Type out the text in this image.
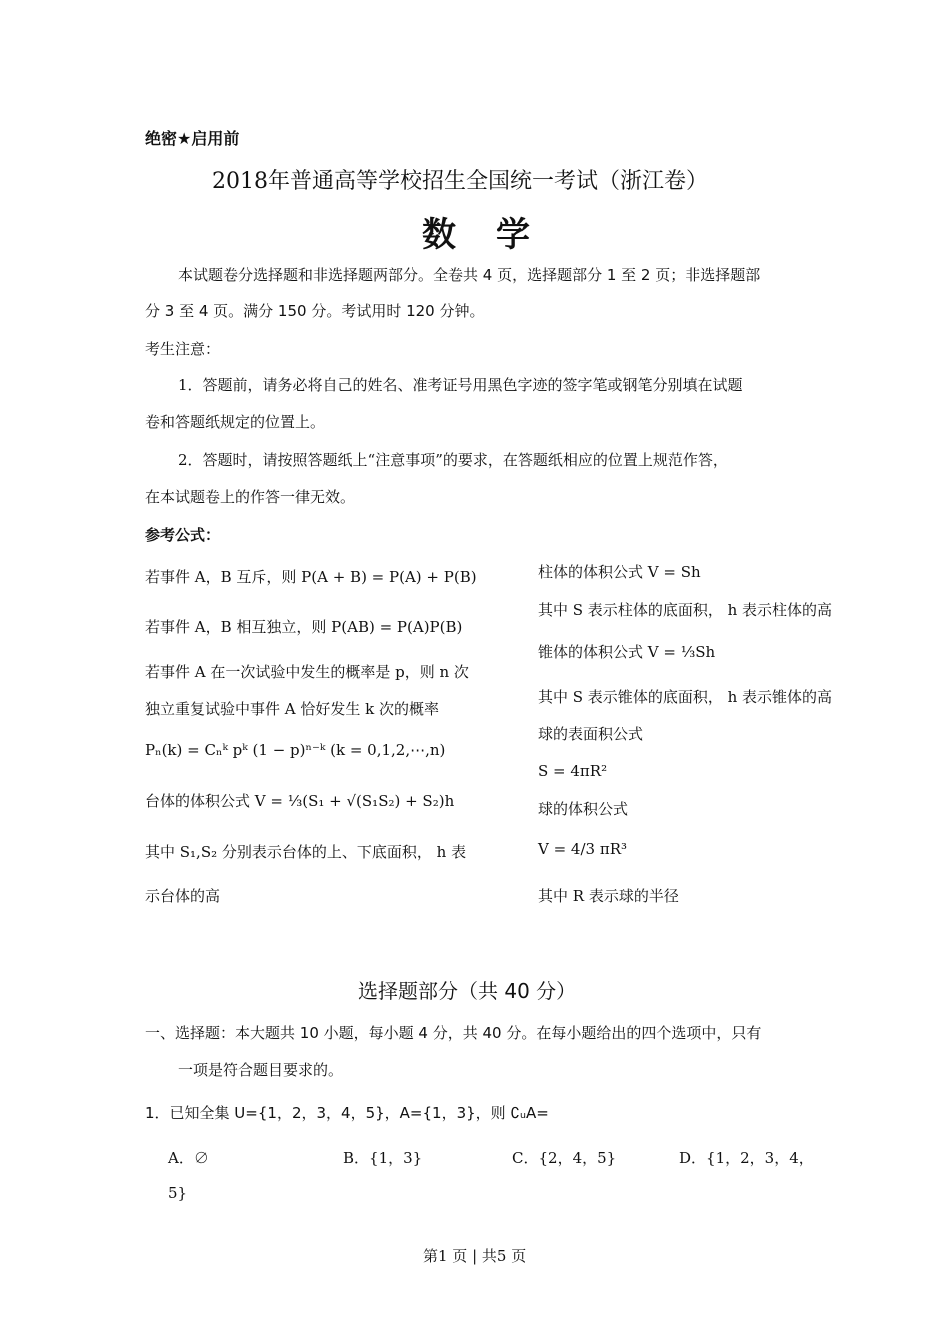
绝密★启用前
2018年普通高等学校招生全国统一考试（浙江卷）
数学
本试题卷分选择题和非选择题两部分。全卷共 4 页，选择题部分 1 至 2 页；非选择题部
分 3 至 4 页。满分 150 分。考试用时 120 分钟。
考生注意：
1．答题前，请务必将自己的姓名、准考证号用黑色字迹的签字笔或钢笔分别填在试题
卷和答题纸规定的位置上。
2．答题时，请按照答题纸上“注意事项”的要求，在答题纸相应的位置上规范作答，
在本试题卷上的作答一律无效。
参考公式：
若事件 A，B 互斥，则 P(A + B) = P(A) + P(B)
若事件 A，B 相互独立，则 P(AB) = P(A)P(B)
若事件 A 在一次试验中发生的概率是 p，则 n 次
独立重复试验中事件 A 恰好发生 k 次的概率
Pₙ(k) = Cₙᵏ pᵏ (1 − p)ⁿ⁻ᵏ (k = 0,1,2,⋯,n)
台体的体积公式 V = ⅓(S₁ + √(S₁S₂) + S₂)h
其中 S₁,S₂ 分别表示台体的上、下底面积， h 表
示台体的高
柱体的体积公式 V = Sh
其中 S 表示柱体的底面积， h 表示柱体的高
锥体的体积公式 V = ⅓Sh
其中 S 表示锥体的底面积， h 表示锥体的高
球的表面积公式
S = 4πR²
球的体积公式
V = 4/3 πR³
其中 R 表示球的半径
选择题部分（共 40 分）
一、选择题：本大题共 10 小题，每小题 4 分，共 40 分。在每小题给出的四个选项中，只有
一项是符合题目要求的。
1．已知全集 U={1，2，3，4，5}，A={1，3}，则 ∁ᵤA=
A．∅	B．{1，3}	C．{2，4，5}	D．{1，2，3，4，
5}
第1 页 | 共5 页
